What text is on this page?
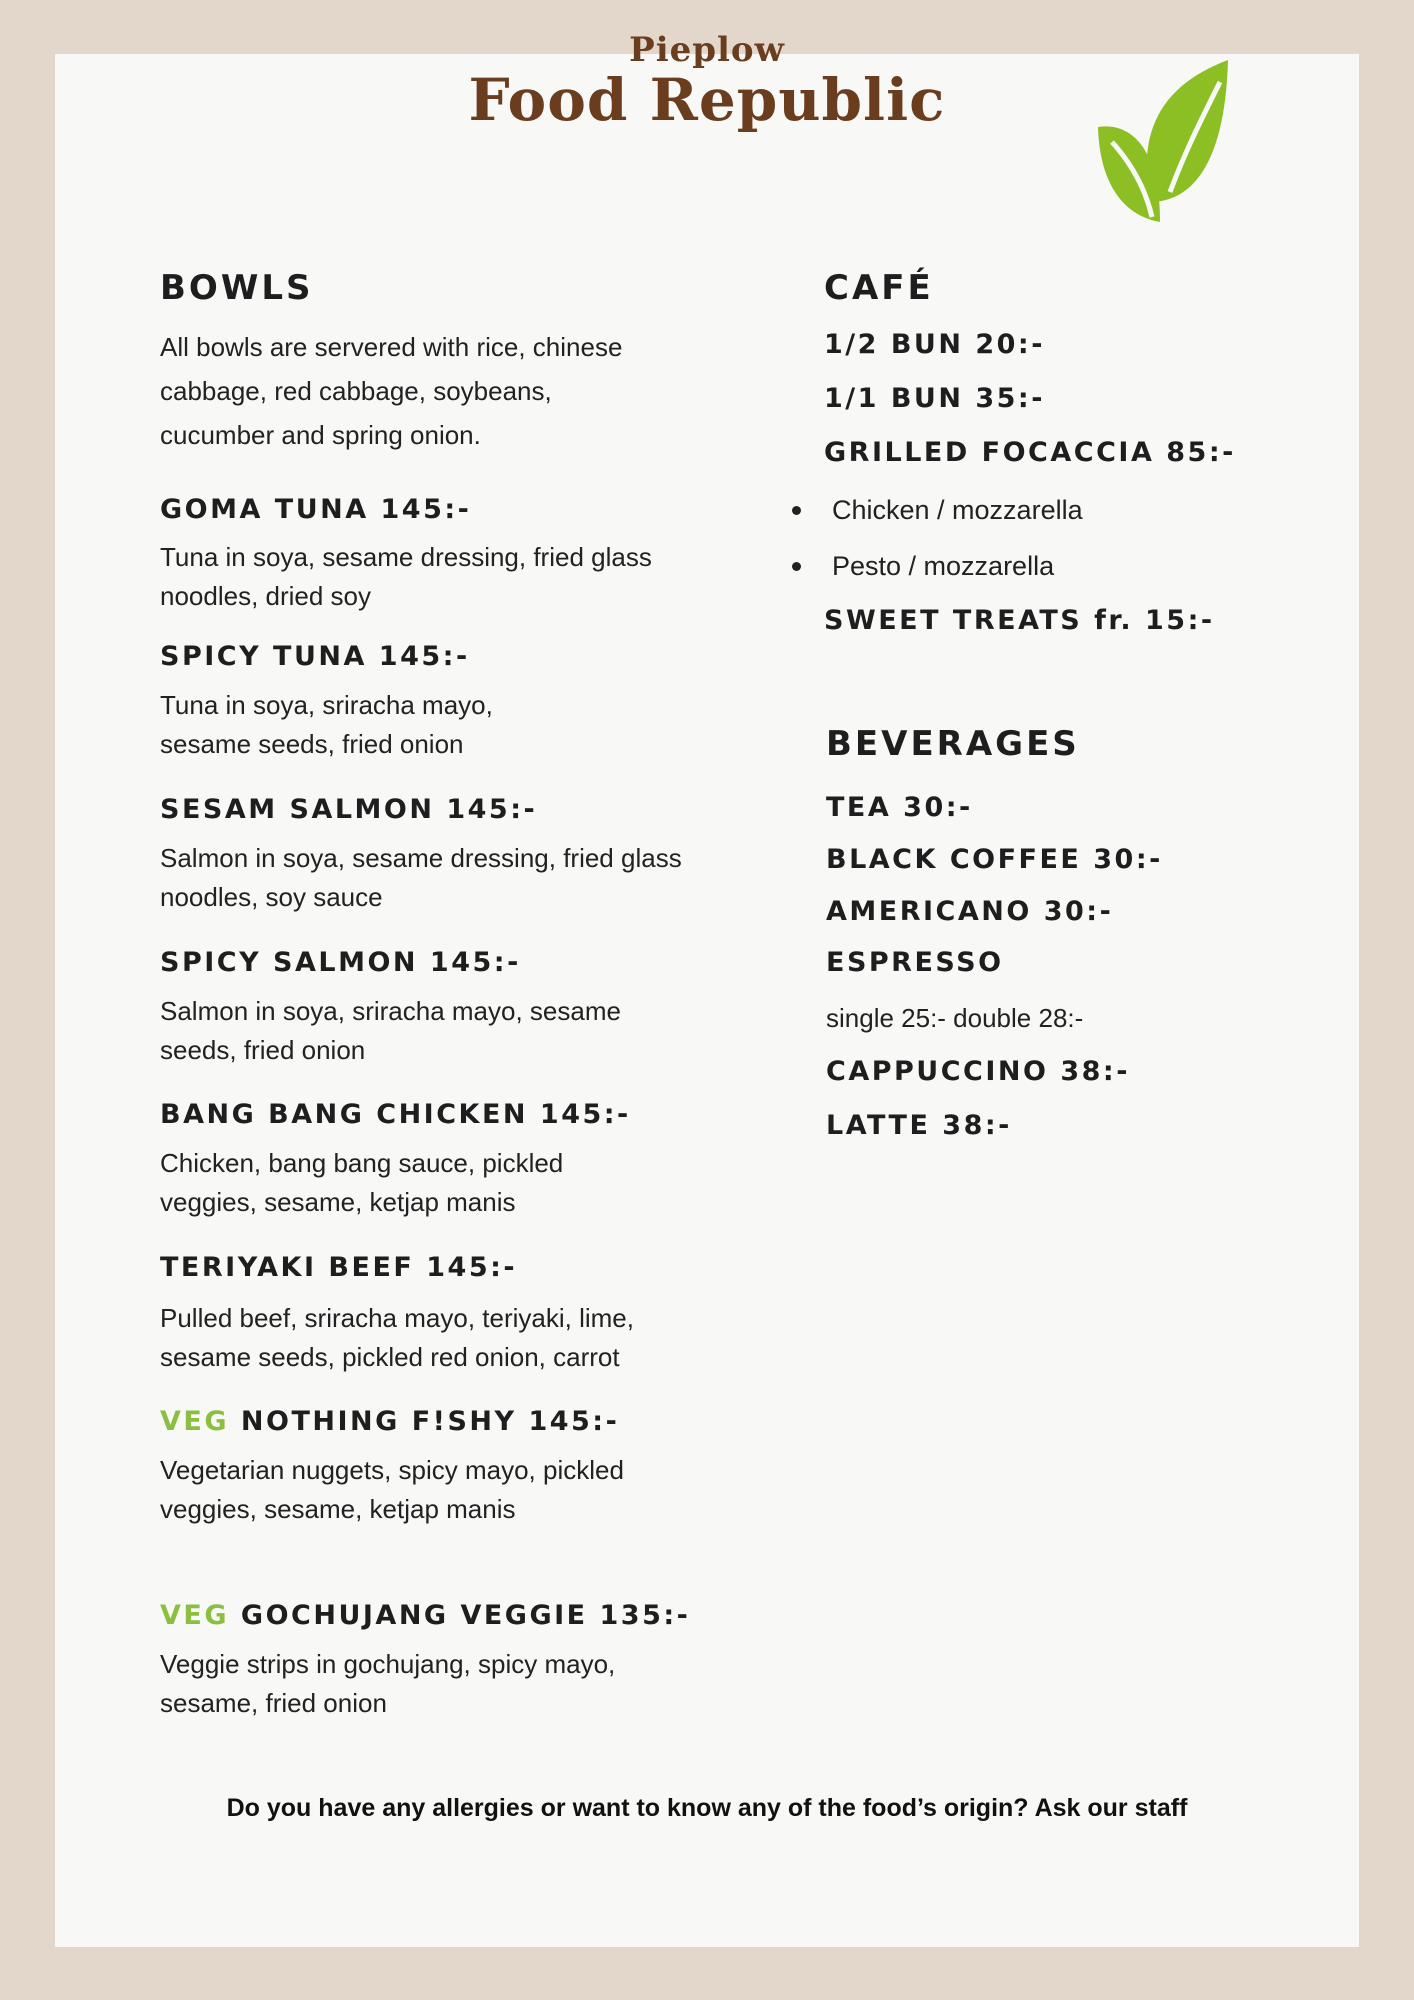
Pieplow
Food Republic
BOWLS
All bowls are servered with rice, chinese cabbage, red cabbage, soybeans, cucumber and spring onion.
GOMA TUNA 145:-
Tuna in soya, sesame dressing, fried glass noodles, dried soy
SPICY TUNA 145:-
Tuna in soya, sriracha mayo, sesame seeds, fried onion
SESAM SALMON 145:-
Salmon in soya, sesame dressing, fried glass noodles, soy sauce
SPICY SALMON 145:-
Salmon in soya, sriracha mayo, sesame seeds, fried onion
BANG BANG CHICKEN 145:-
Chicken, bang bang sauce, pickled veggies, sesame, ketjap manis
TERIYAKI BEEF 145:-
Pulled beef, sriracha mayo, teriyaki, lime, sesame seeds, pickled red onion, carrot
VEG NOTHING F!SHY 145:-
Vegetarian nuggets, spicy mayo, pickled veggies, sesame, ketjap manis
VEG GOCHUJANG VEGGIE 135:-
Veggie strips in gochujang, spicy mayo, sesame, fried onion
CAFÉ
1/2 BUN 20:-
1/1 BUN 35:-
GRILLED FOCACCIA 85:-
Chicken / mozzarella
Pesto / mozzarella
SWEET TREATS fr. 15:-
BEVERAGES
TEA 30:-
BLACK COFFEE 30:-
AMERICANO 30:-
ESPRESSO
single 25:- double 28:-
CAPPUCCINO 38:-
LATTE 38:-
Do you have any allergies or want to know any of the food’s origin? Ask our staff
